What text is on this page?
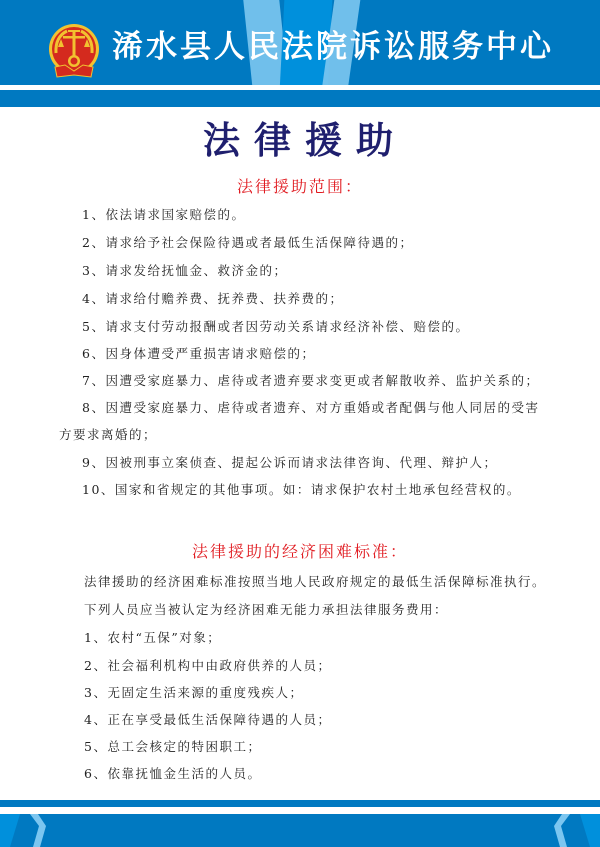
浠水县人民法院诉讼服务中心
法律援助
法律援助范围：
1、依法请求国家赔偿的。
2、请求给予社会保险待遇或者最低生活保障待遇的；
3、请求发给抚恤金、救济金的；
4、请求给付赡养费、抚养费、扶养费的；
5、请求支付劳动报酬或者因劳动关系请求经济补偿、赔偿的。
6、因身体遭受严重损害请求赔偿的；
7、因遭受家庭暴力、虐待或者遗弃要求变更或者解散收养、监护关系的；
8、因遭受家庭暴力、虐待或者遗弃、对方重婚或者配偶与他人同居的受害
方要求离婚的；
9、因被刑事立案侦查、提起公诉而请求法律咨询、代理、辩护人；
10、国家和省规定的其他事项。如：请求保护农村土地承包经营权的。
法律援助的经济困难标准：
法律援助的经济困难标准按照当地人民政府规定的最低生活保障标准执行。
下列人员应当被认定为经济困难无能力承担法律服务费用：
1、农村“五保”对象；
2、社会福利机构中由政府供养的人员；
3、无固定生活来源的重度残疾人；
4、正在享受最低生活保障待遇的人员；
5、总工会核定的特困职工；
6、依靠抚恤金生活的人员。
